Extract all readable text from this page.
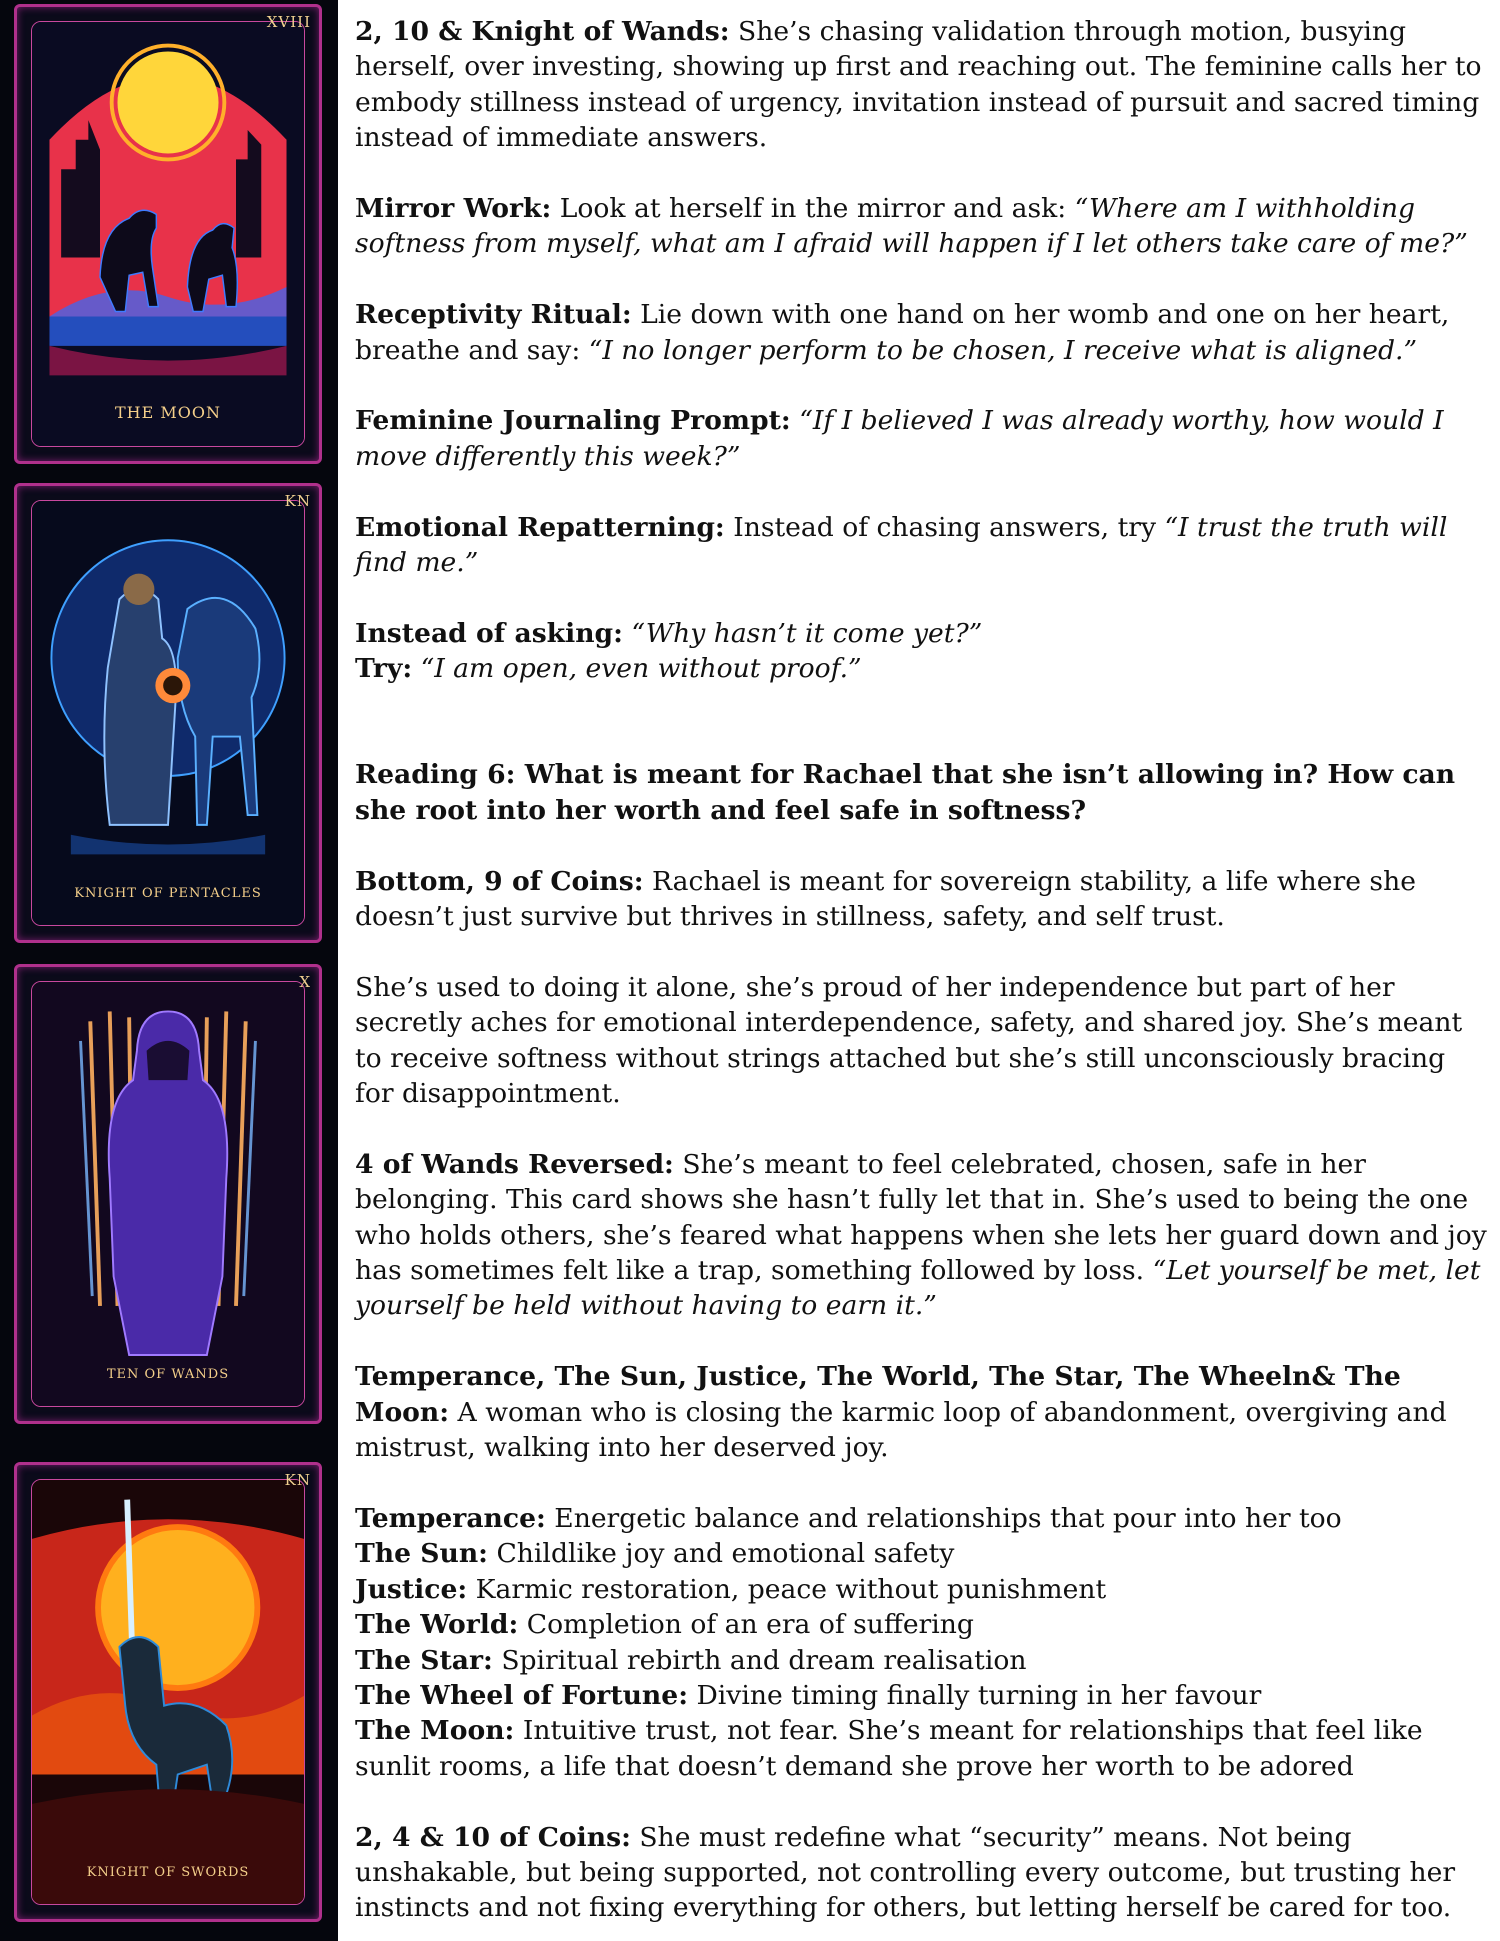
THE MOON
XVIII
KNIGHT OF PENTACLES
KN
TEN OF WANDS
X
KNIGHT OF SWORDS
KN

2, 10 & Knight of Wands: She’s chasing validation through motion, busying herself, over investing, showing up first and reaching out. The feminine calls her to embody stillness instead of urgency, invitation instead of pursuit and sacred timing instead of immediate answers.

Mirror Work: Look at herself in the mirror and ask: “Where am I withholding softness from myself, what am I afraid will happen if I let others take care of me?”

Receptivity Ritual: Lie down with one hand on her womb and one on her heart, breathe and say: “I no longer perform to be chosen, I receive what is aligned.”

Feminine Journaling Prompt: “If I believed I was already worthy, how would I move differently this week?”

Emotional Repatterning: Instead of chasing answers, try “I trust the truth will find me.”

Instead of asking: “Why hasn’t it come yet?”

Try: “I am open, even without proof.”

Reading 6: What is meant for Rachael that she isn’t allowing in? How can she root into her worth and feel safe in softness?

Bottom, 9 of Coins: Rachael is meant for sovereign stability, a life where she doesn’t just survive but thrives in stillness, safety, and self trust.

She’s used to doing it alone, she’s proud of her independence but part of her secretly aches for emotional interdependence, safety, and shared joy. She’s meant to receive softness without strings attached but she’s still unconsciously bracing for disappointment.

4 of Wands Reversed: She’s meant to feel celebrated, chosen, safe in her belonging. This card shows she hasn’t fully let that in. She’s used to being the one who holds others, she’s feared what happens when she lets her guard down and joy has sometimes felt like a trap, something followed by loss. “Let yourself be met, let yourself be held without having to earn it.”

Temperance, The Sun, Justice, The World, The Star, The Wheeln& The Moon: A woman who is closing the karmic loop of abandonment, overgiving and mistrust, walking into her deserved joy.

Temperance: Energetic balance and relationships that pour into her too
The Sun: Childlike joy and emotional safety
Justice: Karmic restoration, peace without punishment
The World: Completion of an era of suffering
The Star: Spiritual rebirth and dream realisation
The Wheel of Fortune: Divine timing finally turning in her favour
The Moon: Intuitive trust, not fear. She’s meant for relationships that feel like sunlit rooms, a life that doesn’t demand she prove her worth to be adored

2, 4 & 10 of Coins: She must redefine what “security” means. Not being unshakable, but being supported, not controlling every outcome, but trusting her instincts and not fixing everything for others, but letting herself be cared for too.
